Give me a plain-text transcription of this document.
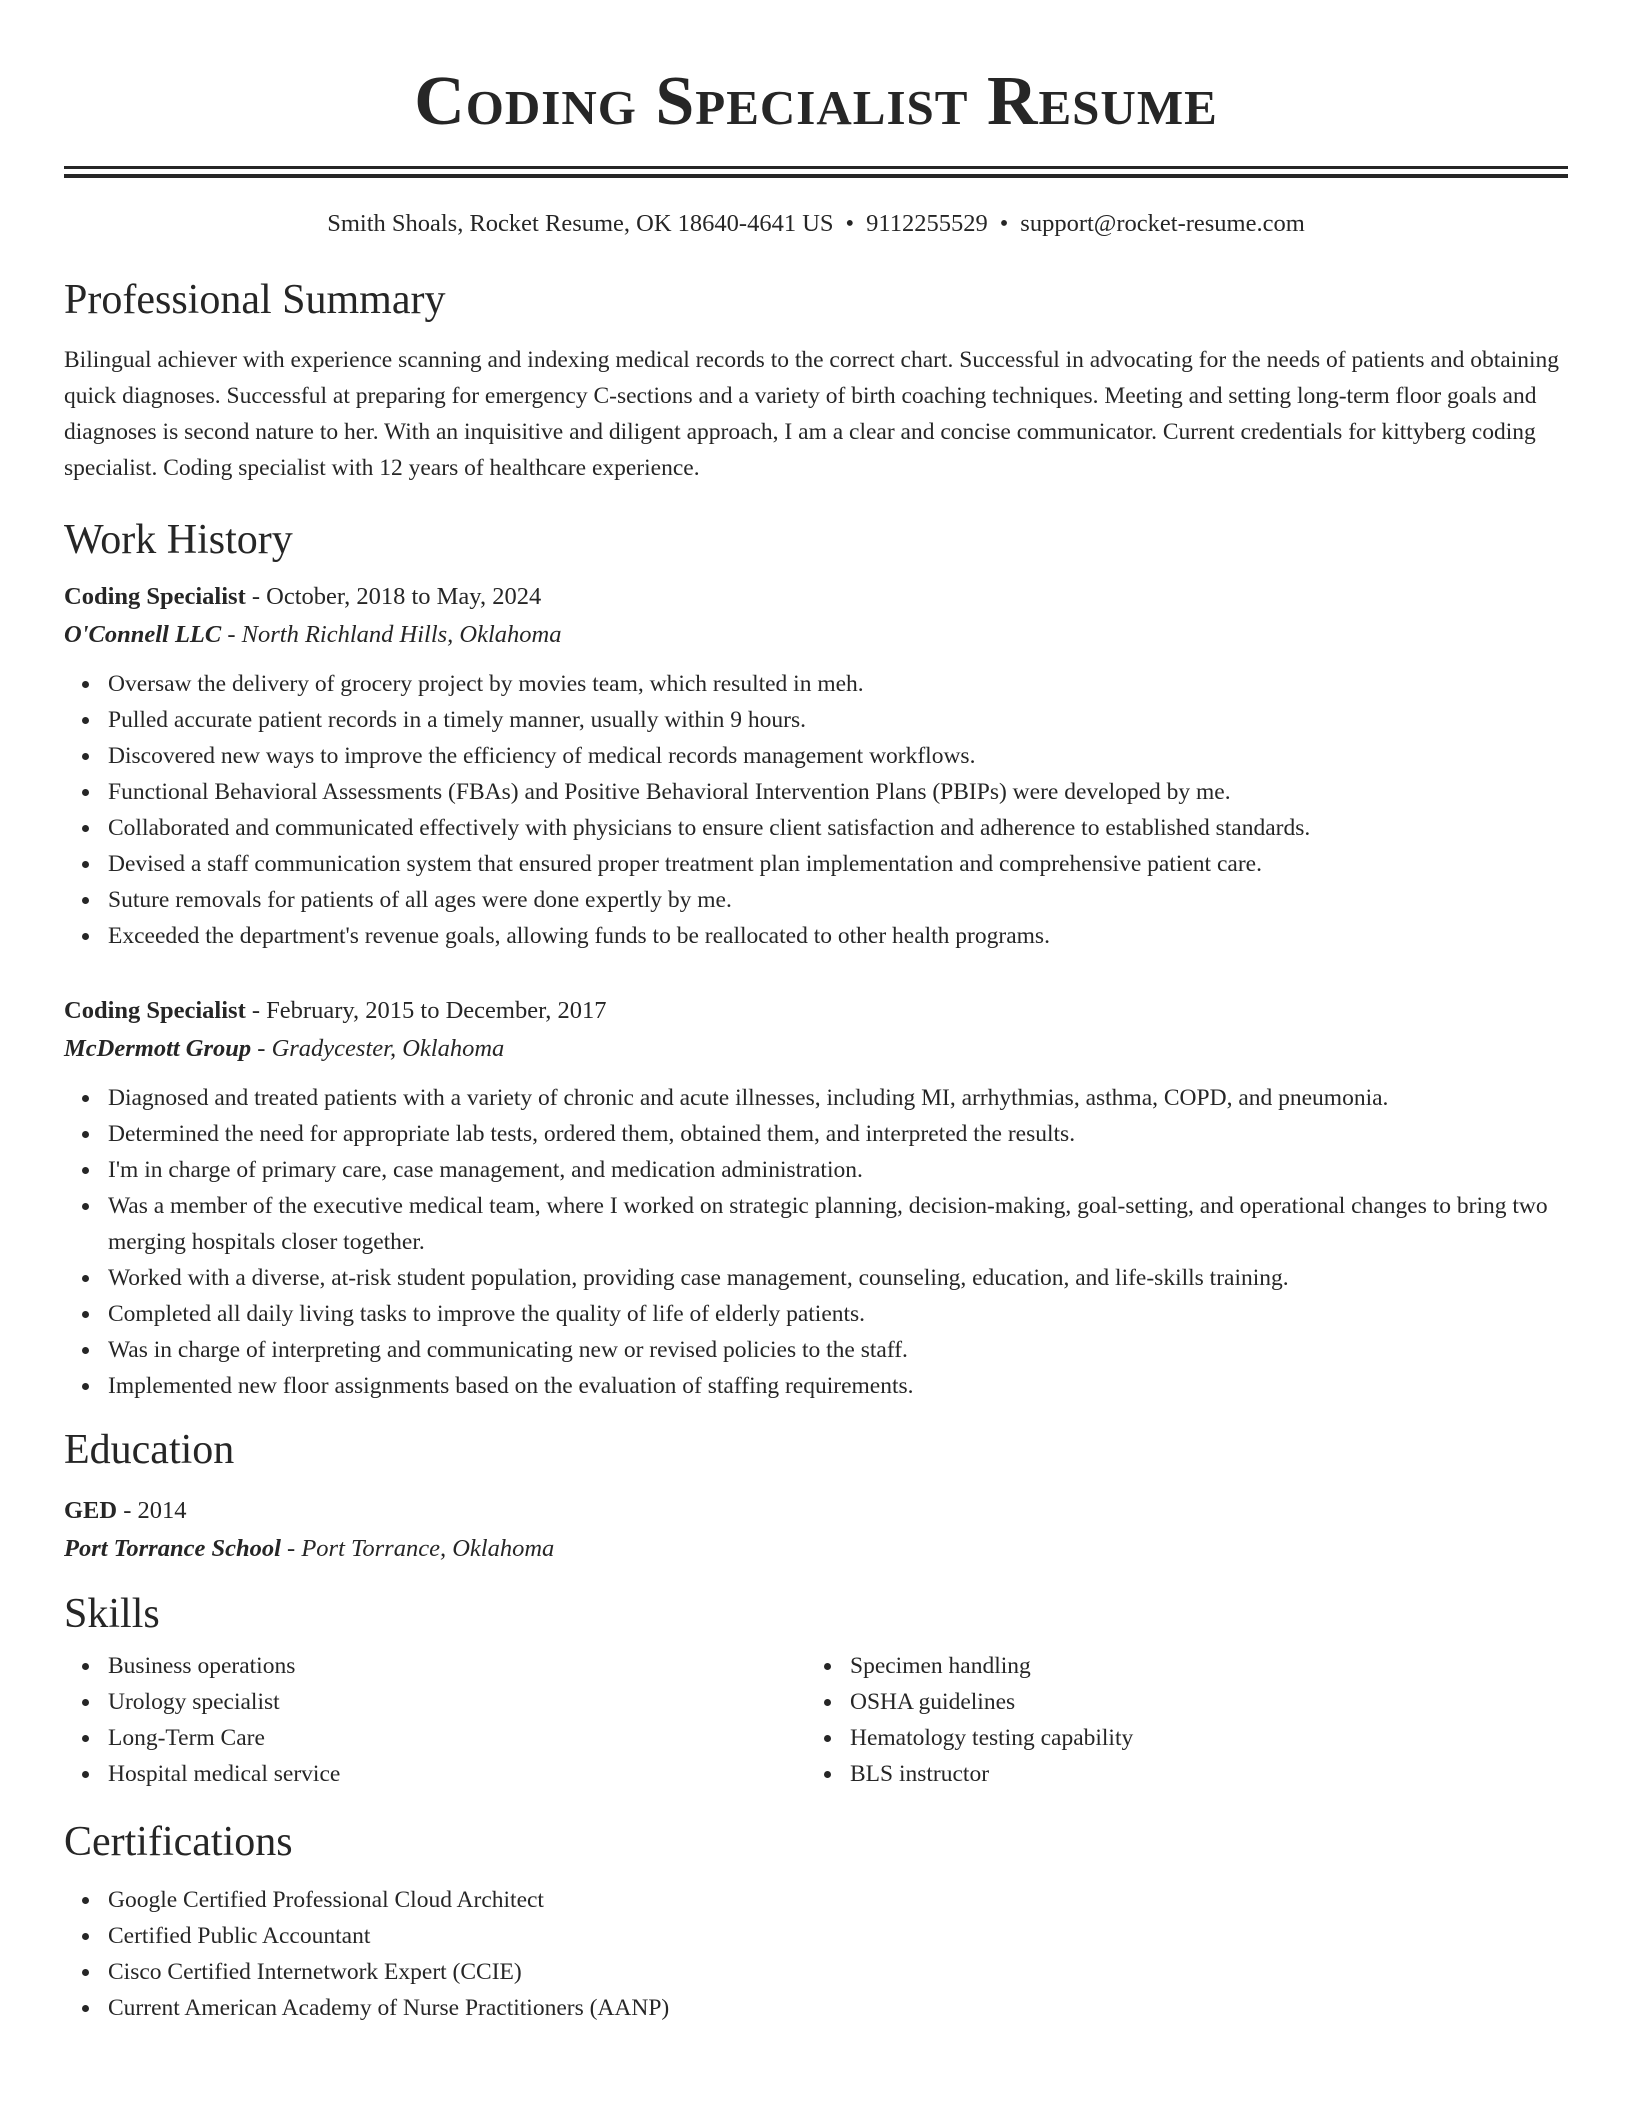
Coding Specialist Resume
Smith Shoals, Rocket Resume, OK 18640-4641 US • 9112255529 • support@rocket-resume.com
Professional Summary

Bilingual achiever with experience scanning and indexing medical records to the correct chart. Successful in advocating for the needs of patients and obtaining quick diagnoses. Successful at preparing for emergency C-sections and a variety of birth coaching techniques. Meeting and setting long-term floor goals and diagnoses is second nature to her. With an inquisitive and diligent approach, I am a clear and concise communicator. Current credentials for kittyberg coding specialist. Coding specialist with 12 years of healthcare experience.

Work History
Coding Specialist - October, 2018 to May, 2024
O'Connell LLC - North Richland Hills, Oklahoma
Oversaw the delivery of grocery project by movies team, which resulted in meh.
Pulled accurate patient records in a timely manner, usually within 9 hours.
Discovered new ways to improve the efficiency of medical records management workflows.
Functional Behavioral Assessments (FBAs) and Positive Behavioral Intervention Plans (PBIPs) were developed by me.
Collaborated and communicated effectively with physicians to ensure client satisfaction and adherence to established standards.
Devised a staff communication system that ensured proper treatment plan implementation and comprehensive patient care.
Suture removals for patients of all ages were done expertly by me.
Exceeded the department's revenue goals, allowing funds to be reallocated to other health programs.
Coding Specialist - February, 2015 to December, 2017
McDermott Group - Gradycester, Oklahoma
Diagnosed and treated patients with a variety of chronic and acute illnesses, including MI, arrhythmias, asthma, COPD, and pneumonia.
Determined the need for appropriate lab tests, ordered them, obtained them, and interpreted the results.
I'm in charge of primary care, case management, and medication administration.
Was a member of the executive medical team, where I worked on strategic planning, decision-making, goal-setting, and operational changes to bring two merging hospitals closer together.
Worked with a diverse, at-risk student population, providing case management, counseling, education, and life-skills training.
Completed all daily living tasks to improve the quality of life of elderly patients.
Was in charge of interpreting and communicating new or revised policies to the staff.
Implemented new floor assignments based on the evaluation of staffing requirements.
Education
GED - 2014
Port Torrance School - Port Torrance, Oklahoma
Skills
Business operations
Urology specialist
Long-Term Care
Hospital medical service
Specimen handling
OSHA guidelines
Hematology testing capability
BLS instructor
Certifications
Google Certified Professional Cloud Architect
Certified Public Accountant
Cisco Certified Internetwork Expert (CCIE)
Current American Academy of Nurse Practitioners (AANP)
